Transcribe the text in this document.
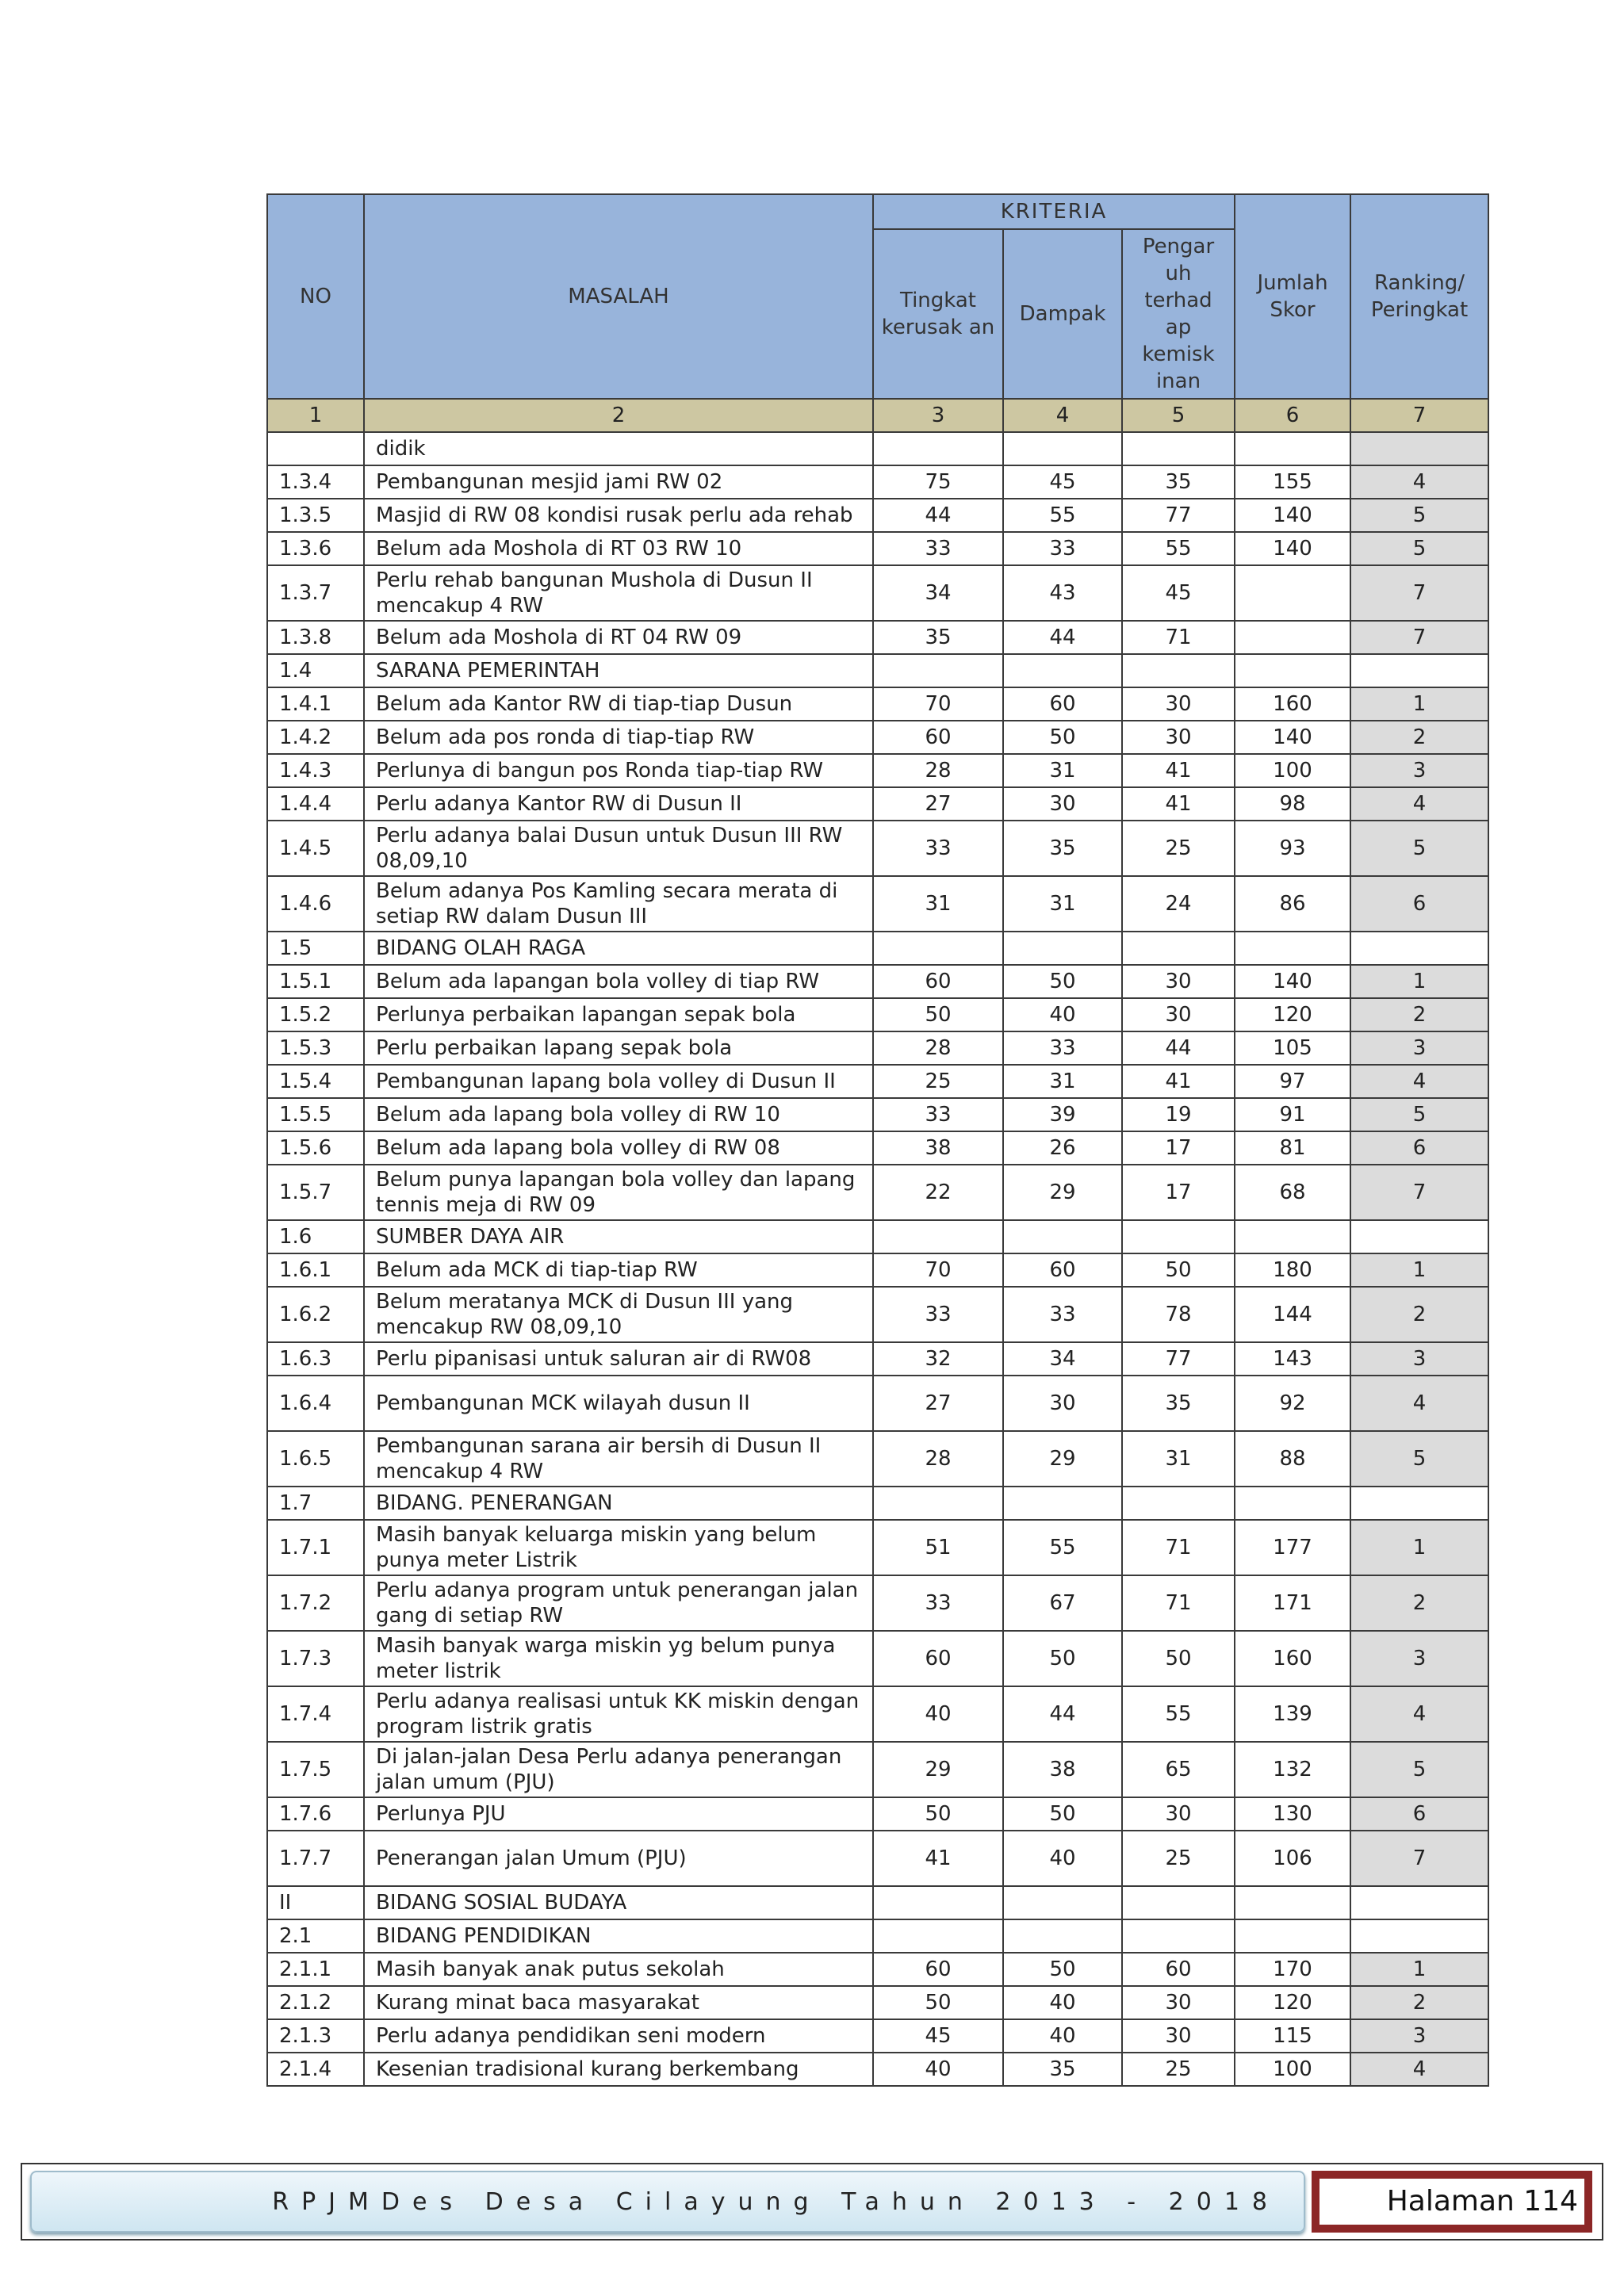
NO	MASALAH	KRITERIA			Jumlah Skor	Ranking/ Peringkat
		Tingkat kerusak an	Dampak	Pengar uh terhad ap kemisk inan		
1	2	3	4	5	6	7
	didik					
1.3.4	Pembangunan mesjid jami RW 02	75	45	35	155	4
1.3.5	Masjid di RW 08 kondisi rusak perlu ada rehab	44	55	77	140	5
1.3.6	Belum ada Moshola di RT 03 RW 10	33	33	55	140	5
1.3.7	Perlu rehab bangunan Mushola di Dusun II mencakup 4 RW	34	43	45		7
1.3.8	Belum ada Moshola di RT 04 RW 09	35	44	71		7
1.4	SARANA PEMERINTAH					
1.4.1	Belum ada Kantor RW di tiap-tiap Dusun	70	60	30	160	1
1.4.2	Belum ada pos ronda di tiap-tiap RW	60	50	30	140	2
1.4.3	Perlunya di bangun pos Ronda tiap-tiap RW	28	31	41	100	3
1.4.4	Perlu adanya Kantor RW di Dusun II	27	30	41	98	4
1.4.5	Perlu adanya balai Dusun untuk Dusun III RW 08,09,10	33	35	25	93	5
1.4.6	Belum adanya Pos Kamling secara merata di setiap RW dalam Dusun III	31	31	24	86	6
1.5	BIDANG OLAH RAGA					
1.5.1	Belum ada lapangan bola volley di tiap RW	60	50	30	140	1
1.5.2	Perlunya perbaikan lapangan sepak bola	50	40	30	120	2
1.5.3	Perlu perbaikan lapang sepak bola	28	33	44	105	3
1.5.4	Pembangunan lapang bola volley di Dusun II	25	31	41	97	4
1.5.5	Belum ada lapang bola volley di RW 10	33	39	19	91	5
1.5.6	Belum ada lapang bola volley di RW 08	38	26	17	81	6
1.5.7	Belum punya lapangan bola volley dan lapang tennis meja di RW 09	22	29	17	68	7
1.6	SUMBER DAYA AIR					
1.6.1	Belum ada MCK di tiap-tiap RW	70	60	50	180	1
1.6.2	Belum meratanya MCK di Dusun III yang mencakup RW 08,09,10	33	33	78	144	2
1.6.3	Perlu pipanisasi untuk saluran air di RW08	32	34	77	143	3
1.6.4	Pembangunan MCK wilayah dusun II	27	30	35	92	4
1.6.5	Pembangunan sarana air bersih di Dusun II mencakup 4 RW	28	29	31	88	5
1.7	BIDANG. PENERANGAN					
1.7.1	Masih banyak keluarga miskin yang belum punya meter Listrik	51	55	71	177	1
1.7.2	Perlu adanya program untuk penerangan jalan gang di setiap RW	33	67	71	171	2
1.7.3	Masih banyak warga miskin yg belum punya meter listrik	60	50	50	160	3
1.7.4	Perlu adanya realisasi untuk KK miskin dengan program listrik gratis	40	44	55	139	4
1.7.5	Di jalan-jalan Desa Perlu adanya penerangan jalan umum (PJU)	29	38	65	132	5
1.7.6	Perlunya PJU	50	50	30	130	6
1.7.7	Penerangan jalan Umum (PJU)	41	40	25	106	7
II	BIDANG SOSIAL BUDAYA					
2.1	BIDANG PENDIDIKAN					
2.1.1	Masih banyak anak putus sekolah	60	50	60	170	1
2.1.2	Kurang minat baca masyarakat	50	40	30	120	2
2.1.3	Perlu adanya pendidikan seni modern	45	40	30	115	3
2.1.4	Kesenian tradisional kurang berkembang	40	35	25	100	4
RPJMDes Desa Cilayung Tahun 2013 - 2018	Halaman 114
